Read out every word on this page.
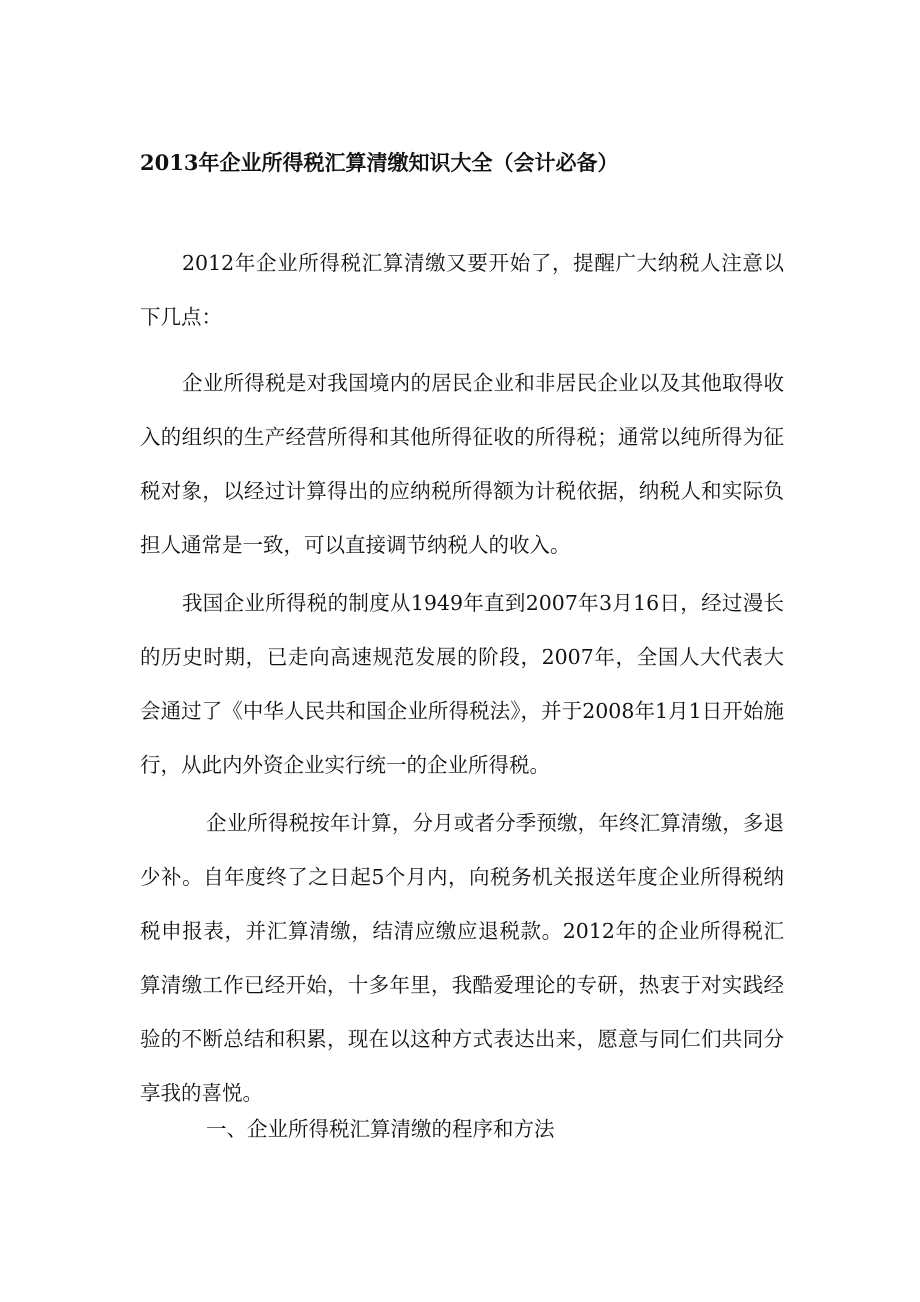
2013年企业所得税汇算清缴知识大全（会计必备）

2012年企业所得税汇算清缴又要开始了，提醒广大纳税人注意以下几点：

企业所得税是对我国境内的居民企业和非居民企业以及其他取得收入的组织的生产经营所得和其他所得征收的所得税；通常以纯所得为征税对象，以经过计算得出的应纳税所得额为计税依据，纳税人和实际负担人通常是一致，可以直接调节纳税人的收入。

我国企业所得税的制度从1949年直到2007年3月16日，经过漫长的历史时期，已走向高速规范发展的阶段，2007年，全国人大代表大会通过了《中华人民共和国企业所得税法》，并于2008年1月1日开始施行，从此内外资企业实行统一的企业所得税。

企业所得税按年计算，分月或者分季预缴，年终汇算清缴，多退少补。自年度终了之日起5个月内，向税务机关报送年度企业所得税纳税申报表，并汇算清缴，结清应缴应退税款。2012年的企业所得税汇算清缴工作已经开始，十多年里，我酷爱理论的专研，热衷于对实践经验的不断总结和积累，现在以这种方式表达出来，愿意与同仁们共同分享我的喜悦。

一、企业所得税汇算清缴的程序和方法
